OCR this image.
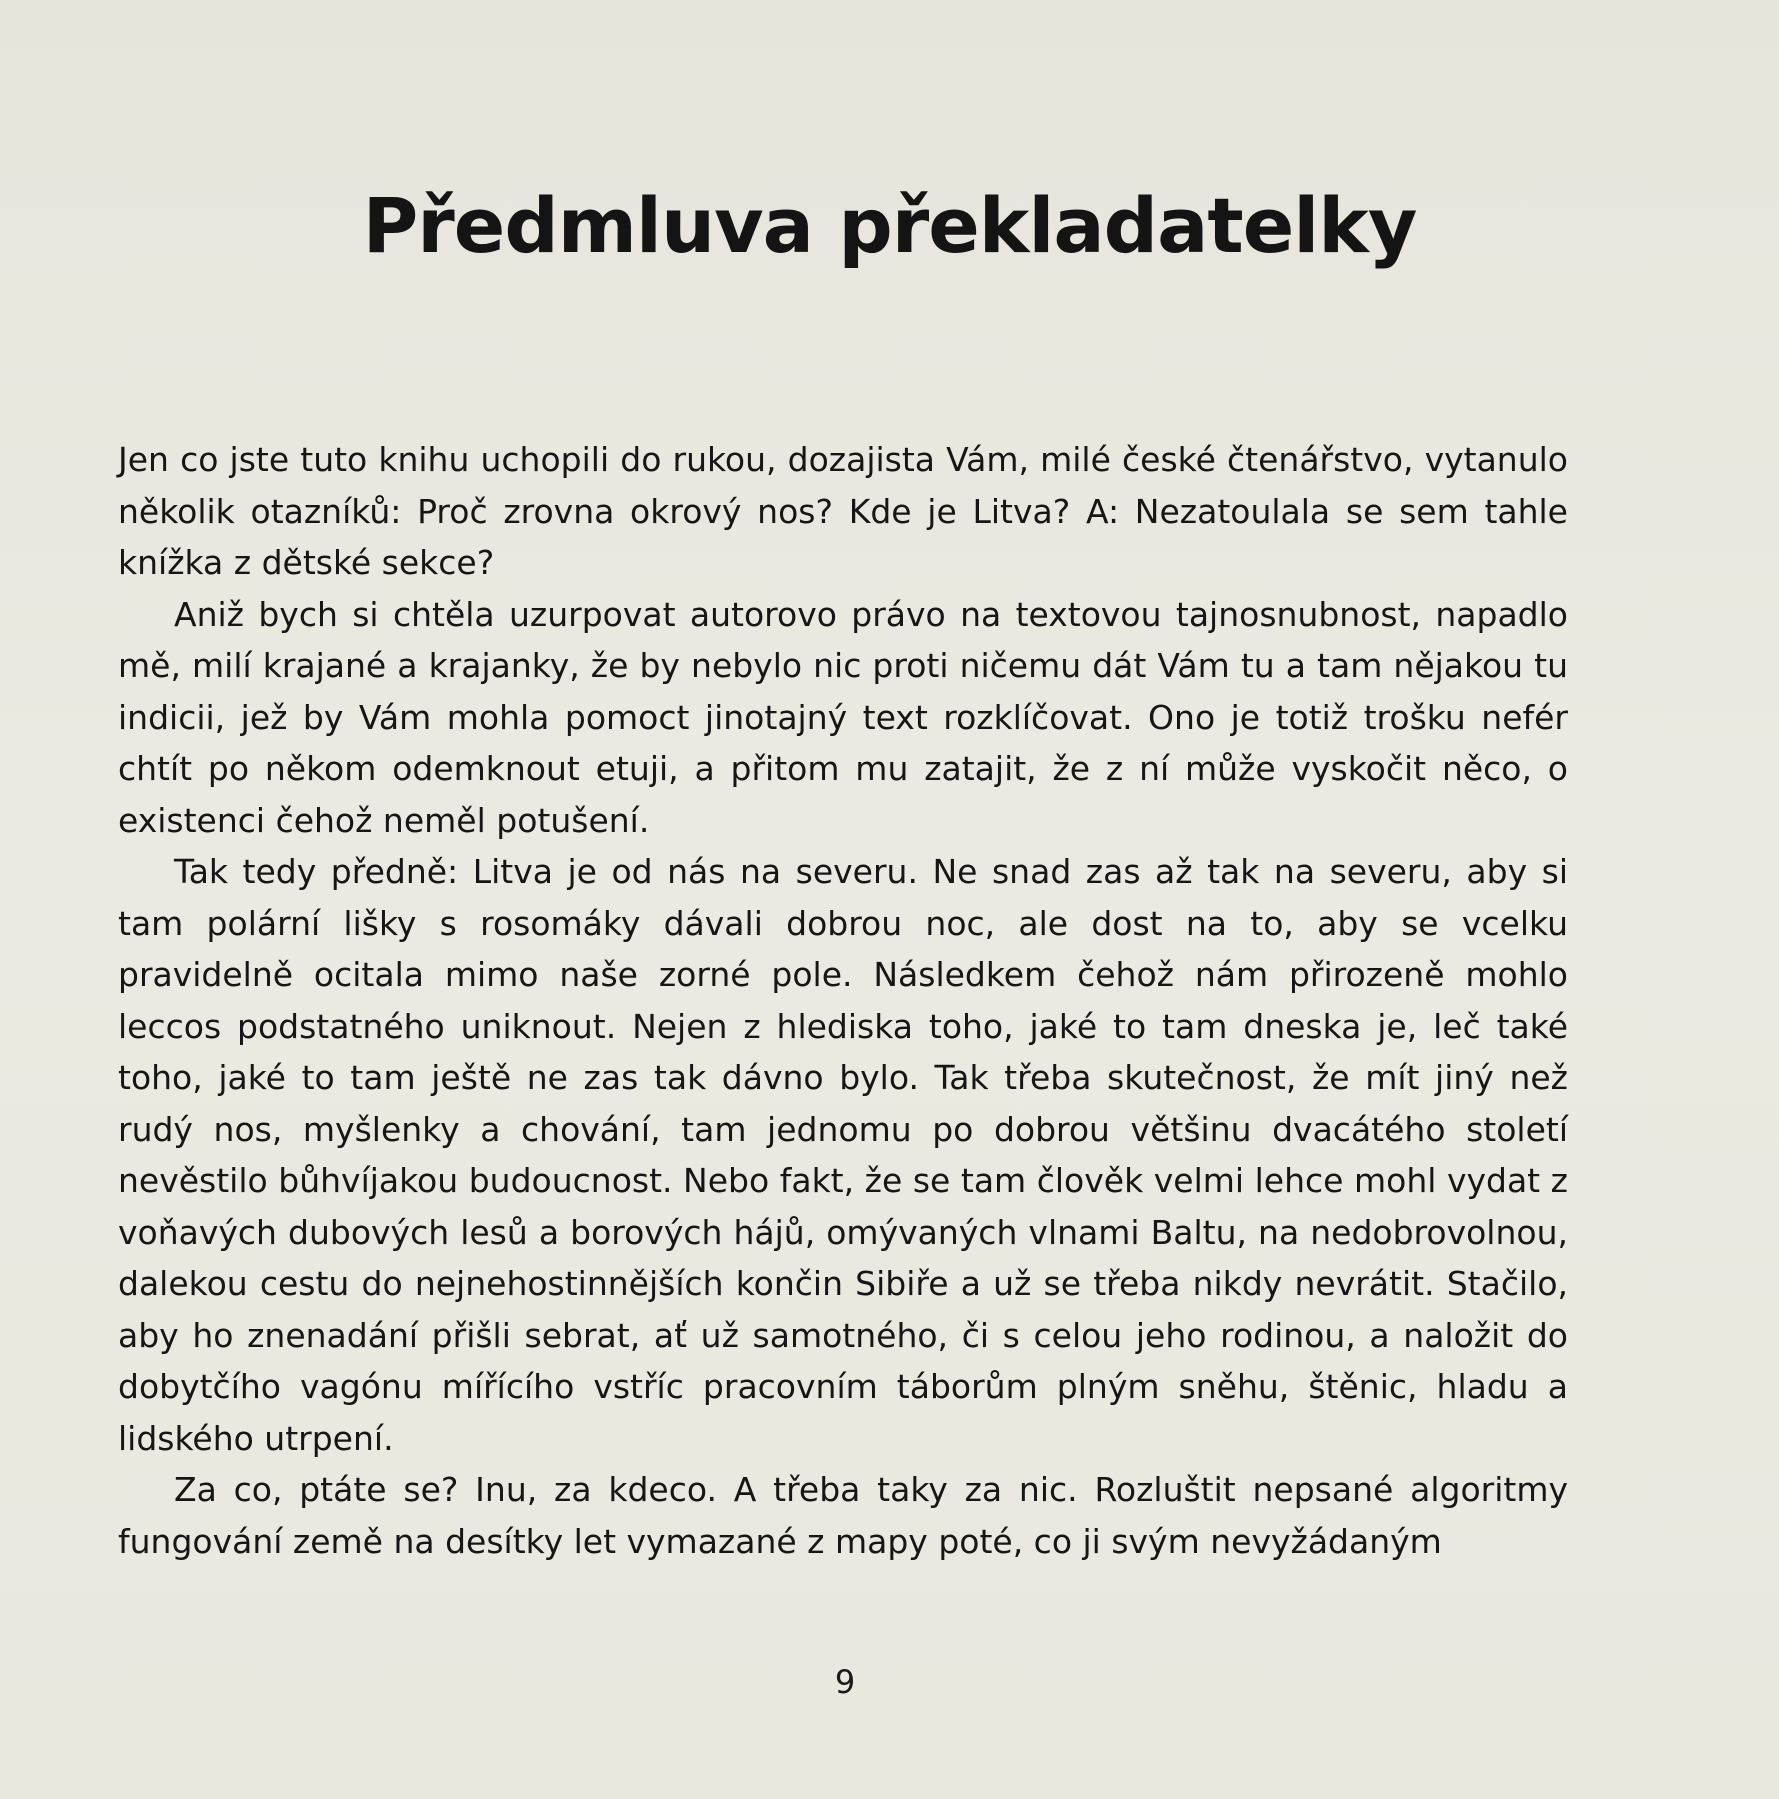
Předmluva překladatelky

Jen co jste tuto knihu uchopili do rukou, dozajista Vám, milé české čtenářstvo, vytanulo několik otazníků: Proč zrovna okrový nos? Kde je Litva? A: Nezatoulala se sem tahle knížka z dětské sekce?

Aniž bych si chtěla uzurpovat autorovo právo na textovou tajnosnubnost, napadlo mě, milí krajané a krajanky, že by nebylo nic proti ničemu dát Vám tu a tam nějakou tu indicii, jež by Vám mohla pomoct jinotajný text rozklíčovat. Ono je totiž trošku nefér chtít po někom odemknout etuji, a přitom mu zatajit, že z ní může vyskočit něco, o existenci čehož neměl potušení.

Tak tedy předně: Litva je od nás na severu. Ne snad zas až tak na severu, aby si tam polární lišky s rosomáky dávali dobrou noc, ale dost na to, aby se vcelku pravidelně ocitala mimo naše zorné pole. Následkem čehož nám přirozeně mohlo leccos podstatného uniknout. Nejen z hlediska toho, jaké to tam dneska je, leč také toho, jaké to tam ještě ne zas tak dávno bylo. Tak třeba skutečnost, že mít jiný než rudý nos, myšlenky a chování, tam jednomu po dobrou většinu dvacátého století nevěstilo bůhvíjakou budoucnost. Nebo fakt, že se tam člověk velmi lehce mohl vydat z voňavých dubových lesů a borových hájů, omývaných vlnami Baltu, na nedobrovolnou, dalekou cestu do nejnehostinnějších končin Sibiře a už se třeba nikdy nevrátit. Stačilo, aby ho znenadání přišli sebrat, ať už samotného, či s celou jeho rodinou, a naložit do dobytčího vagónu mířícího vstříc pracovním táborům plným sněhu, štěnic, hladu a lidského utrpení.

Za co, ptáte se? Inu, za kdeco. A třeba taky za nic. Rozluštit nepsané algoritmy fungování země na desítky let vymazané z mapy poté, co ji svým nevyžádaným

9
